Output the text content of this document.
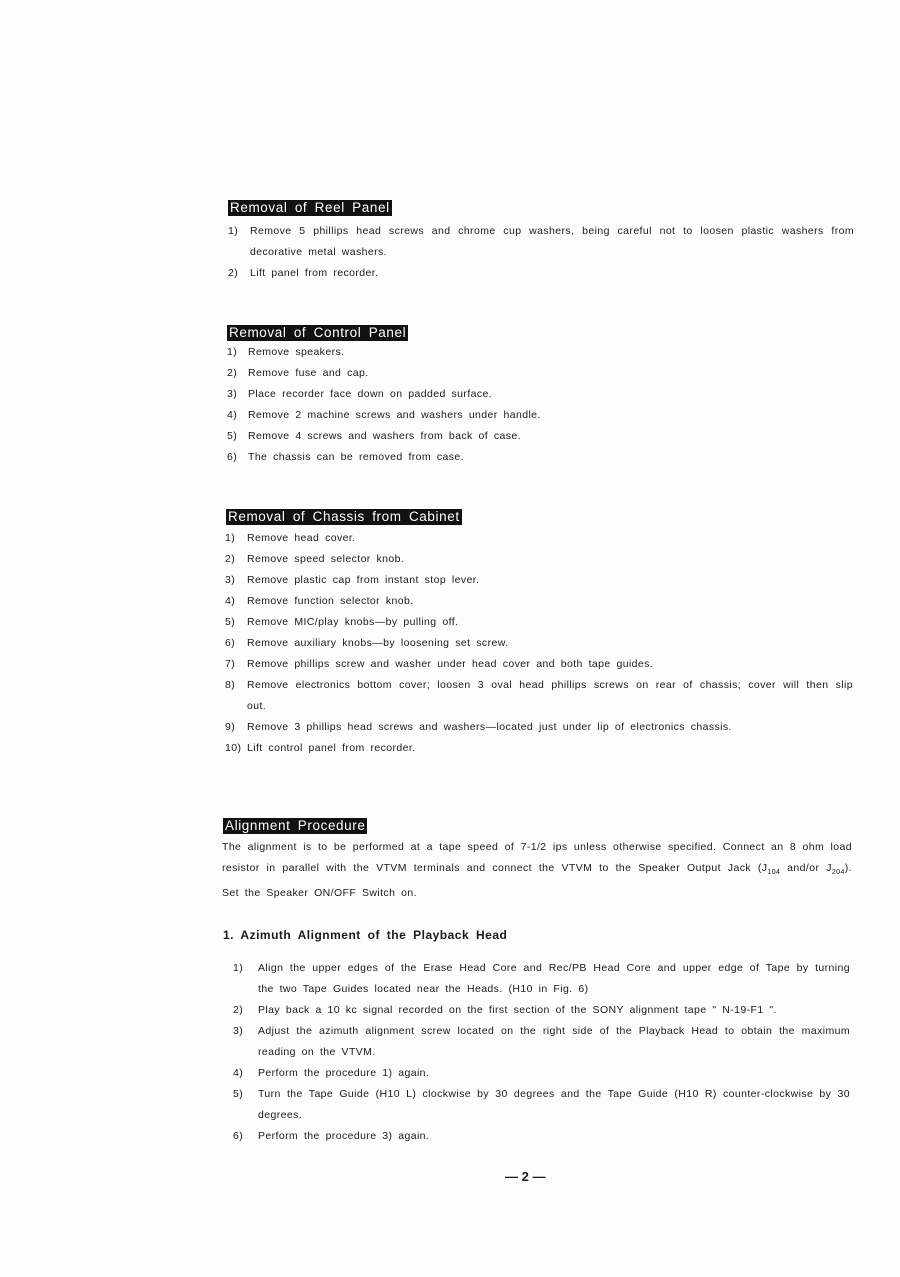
Removal of Reel Panel
1)	Remove 5 phillips head screws and chrome cup washers, being careful not to loosen plastic washers from decorative metal washers.
2)	Lift panel from recorder.
Removal of Control Panel
1)	Remove speakers.
2)	Remove fuse and cap.
3)	Place recorder face down on padded surface.
4)	Remove 2 machine screws and washers under handle.
5)	Remove 4 screws and washers from back of case.
6)	The chassis can be removed from case.
Removal of Chassis from Cabinet
1)	Remove head cover.
2)	Remove speed selector knob.
3)	Remove plastic cap from instant stop lever.
4)	Remove function selector knob.
5)	Remove MIC/play knobs—by pulling off.
6)	Remove auxiliary knobs—by loosening set screw.
7)	Remove phillips screw and washer under head cover and both tape guides.
8)	Remove electronics bottom cover; loosen 3 oval head phillips screws on rear of chassis; cover will then slip out.
9)	Remove 3 phillips head screws and washers—located just under lip of electronics chassis.
10) Lift control panel from recorder.
Alignment Procedure
The alignment is to be performed at a tape speed of 7-1/2 ips unless otherwise specified. Connect an 8 ohm load resistor in parallel with the VTVM terminals and connect the VTVM to the Speaker Output Jack ($J_{104}$ and/or $J_{204}$). Set the Speaker ON/OFF Switch on.
1. Azimuth Alignment of the Playback Head
1)	Align the upper edges of the Erase Head Core and Rec/PB Head Core and upper edge of Tape by turning the two Tape Guides located near the Heads. (H10 in Fig. 6)
2)	Play back a 10 kc signal recorded on the first section of the SONY alignment tape " N-19-F1 ".
3)	Adjust the azimuth alignment screw located on the right side of the Playback Head to obtain the maximum reading on the VTVM.
4)	Perform the procedure 1) again.
5)	Turn the Tape Guide (H10 L) clockwise by 30 degrees and the Tape Guide (H10 R) counter-clockwise by 30 degrees.
6)	Perform the procedure 3) again.
— 2 —
